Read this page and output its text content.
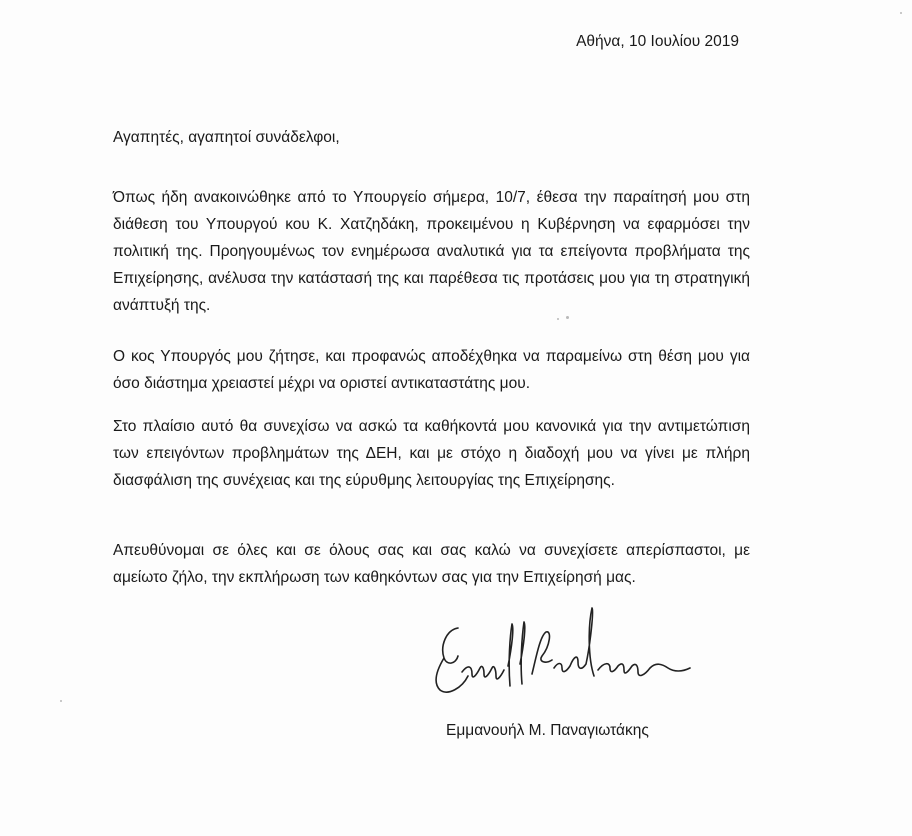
Αθήνα, 10 Ιουλίου 2019
Αγαπητές, αγαπητοί συνάδελφοι,

Όπως ήδη ανακοινώθηκε από το Υπουργείο σήμερα, 10/7, έθεσα την παραίτησή μου στη διάθεση του Υπουργού κου Κ. Χατζηδάκη, προκειμένου η Κυβέρνηση να εφαρμόσει την πολιτική της. Προηγουμένως τον ενημέρωσα αναλυτικά για τα επείγοντα προβλήματα της Επιχείρησης, ανέλυσα την κατάστασή της και παρέθεσα τις προτάσεις μου για τη στρατηγική ανάπτυξή της.

Ο κος Υπουργός μου ζήτησε, και προφανώς αποδέχθηκα να παραμείνω στη θέση μου για όσο διάστημα χρειαστεί μέχρι να οριστεί αντικαταστάτης μου.

Στο πλαίσιο αυτό θα συνεχίσω να ασκώ τα καθήκοντά μου κανονικά για την αντιμετώπιση των επειγόντων προβλημάτων της ΔΕΗ, και με στόχο η διαδοχή μου να γίνει με πλήρη διασφάλιση της συνέχειας και της εύρυθμης λειτουργίας της Επιχείρησης.

Απευθύνομαι σε όλες και σε όλους σας και σας καλώ να συνεχίσετε απερίσπαστοι, με αμείωτο ζήλο, την εκπλήρωση των καθηκόντων σας για την Επιχείρησή μας.

Εμμανουήλ Μ. Παναγιωτάκης
